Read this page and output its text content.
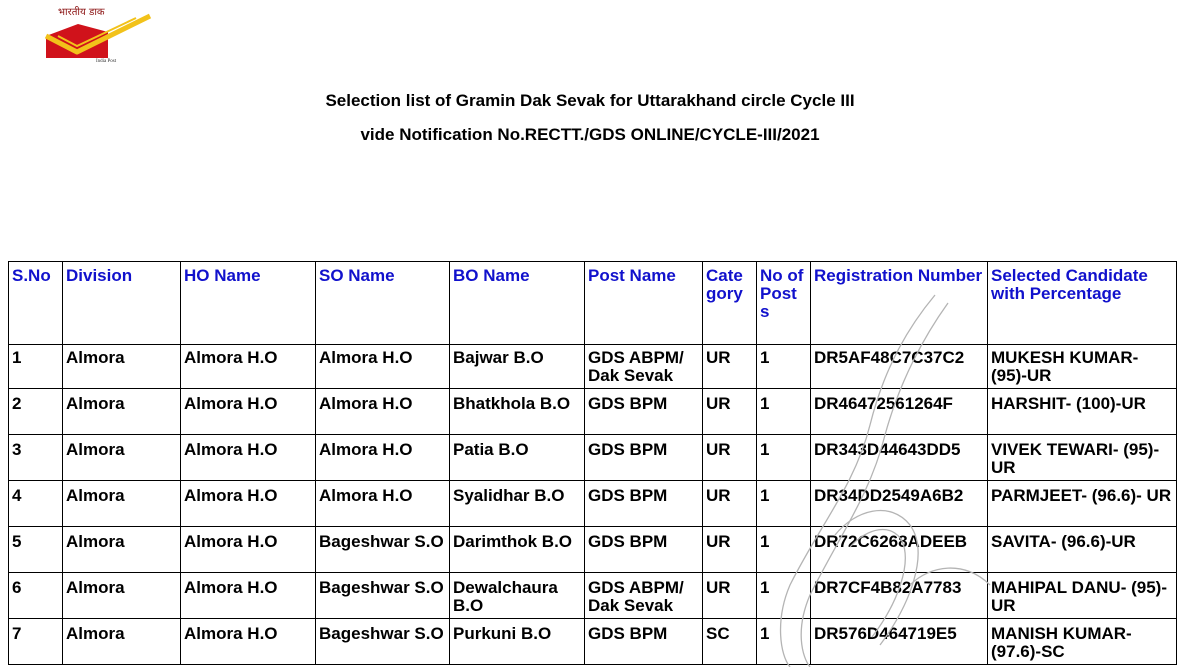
भारतीय डाक
India Post
Selection list of Gramin Dak Sevak for Uttarakhand circle Cycle III
vide Notification No.RECTT./GDS ONLINE/CYCLE-III/2021
S.No	Division	HO Name	SO Name	BO Name	Post Name	Cate gory	No of Post s	Registration Number	Selected Candidate with Percentage
1	Almora	Almora H.O	Almora H.O	Bajwar B.O	GDS ABPM/ Dak Sevak	UR	1	DR5AF48C7C37C2	MUKESH KUMAR- (95)-UR
2	Almora	Almora H.O	Almora H.O	Bhatkhola B.O	GDS BPM	UR	1	DR46472561264F	HARSHIT- (100)-UR
3	Almora	Almora H.O	Almora H.O	Patia B.O	GDS BPM	UR	1	DR343D44643DD5	VIVEK TEWARI- (95)-UR
4	Almora	Almora H.O	Almora H.O	Syalidhar B.O	GDS BPM	UR	1	DR34DD2549A6B2	PARMJEET- (96.6)- UR
5	Almora	Almora H.O	Bageshwar S.O	Darimthok B.O	GDS BPM	UR	1	DR72C6268ADEEB	SAVITA- (96.6)-UR
6	Almora	Almora H.O	Bageshwar S.O	Dewalchaura B.O	GDS ABPM/ Dak Sevak	UR	1	DR7CF4B82A7783	MAHIPAL DANU- (95)-UR
7	Almora	Almora H.O	Bageshwar S.O	Purkuni B.O	GDS BPM	SC	1	DR576D464719E5	MANISH KUMAR- (97.6)-SC
